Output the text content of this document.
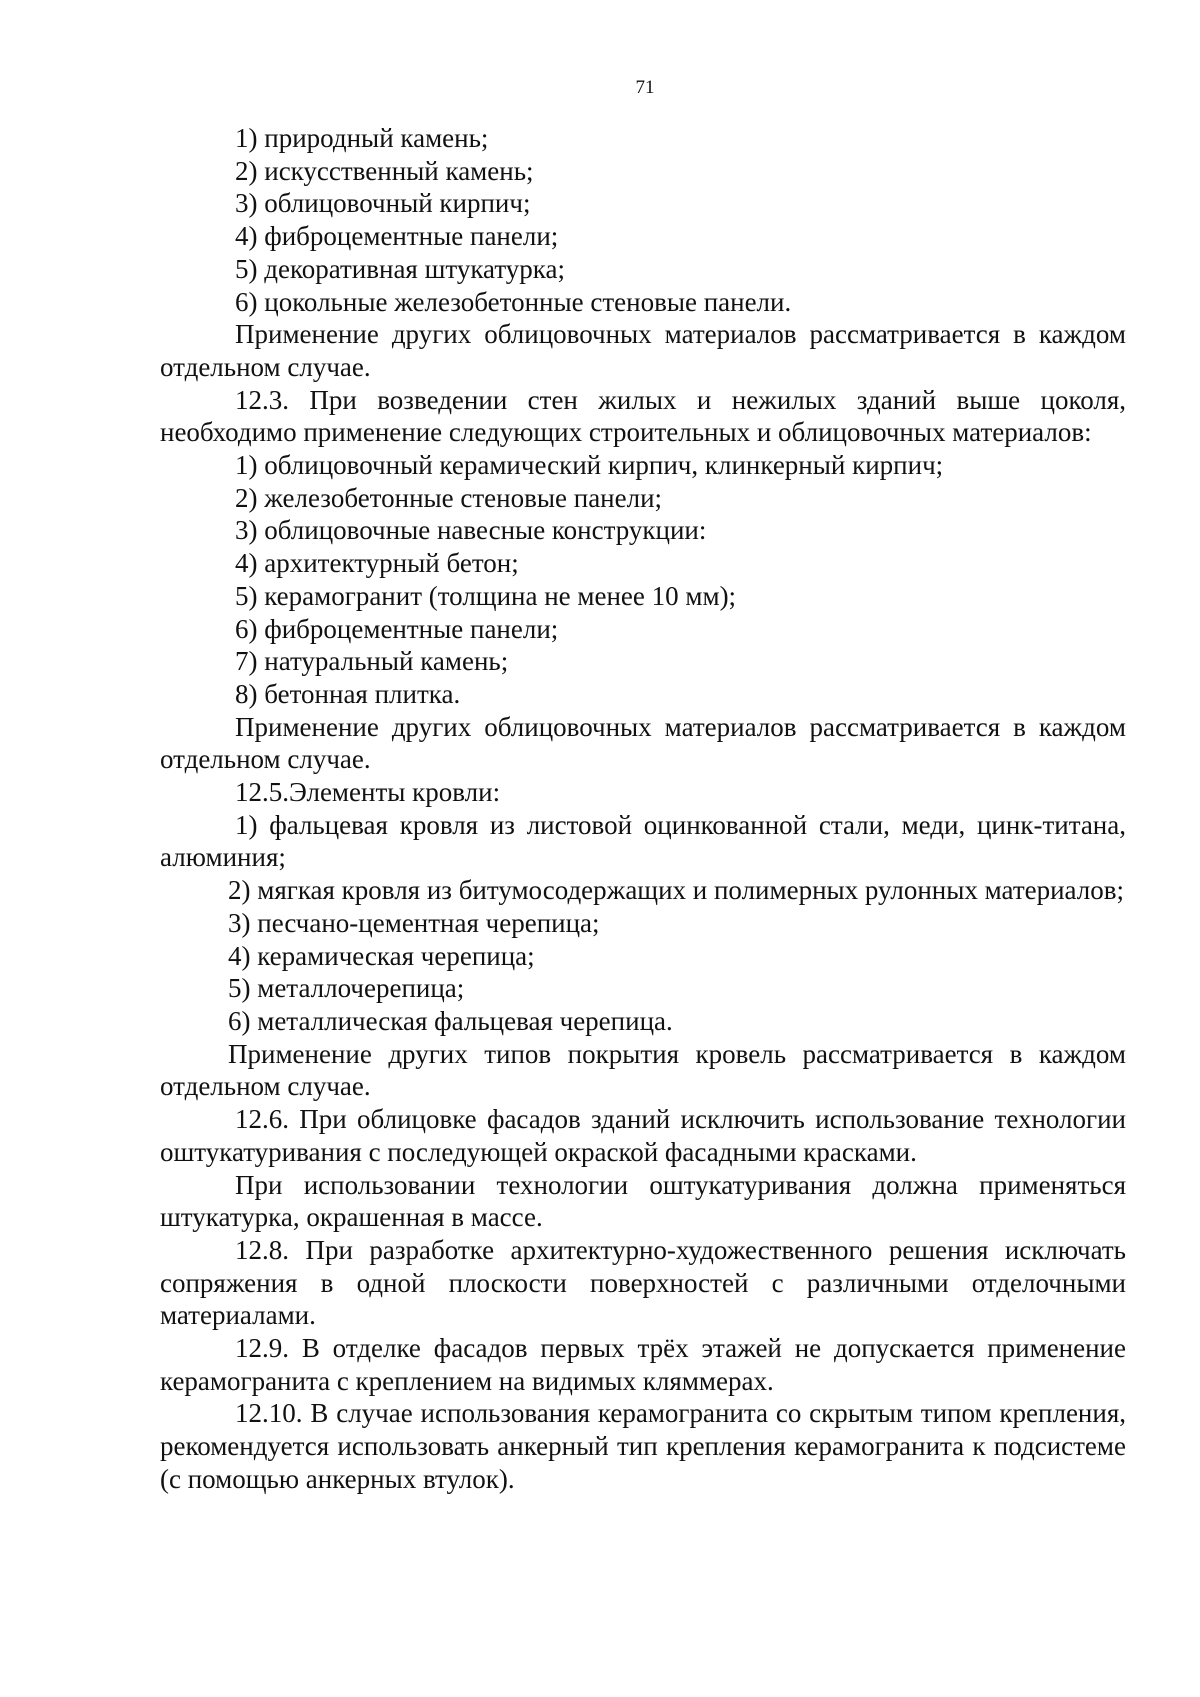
71

1) природный камень;

2) искусственный камень;

3) облицовочный кирпич;

4) фиброцементные панели;

5) декоративная штукатурка;

6) цокольные железобетонные стеновые панели.

Применение других облицовочных материалов рассматривается в каждом отдельном случае.

12.3. При возведении стен жилых и нежилых зданий выше цоколя, необходимо применение следующих строительных и облицовочных материалов:

1) облицовочный керамический кирпич, клинкерный кирпич;

2) железобетонные стеновые панели;

3) облицовочные навесные конструкции:

4) архитектурный бетон;

5) керамогранит (толщина не менее 10 мм);

6) фиброцементные панели;

7) натуральный камень;

8) бетонная плитка.

Применение других облицовочных материалов рассматривается в каждом отдельном случае.

12.5.Элементы кровли:

1) фальцевая кровля из листовой оцинкованной стали, меди, цинк-титана, алюминия;

2) мягкая кровля из битумосодержащих и полимерных рулонных материалов;

3) песчано-цементная черепица;

4) керамическая черепица;

5) металлочерепица;

6) металлическая фальцевая черепица.

Применение других типов покрытия кровель рассматривается в каждом отдельном случае.

12.6. При облицовке фасадов зданий исключить использование технологии оштукатуривания с последующей окраской фасадными красками.

При использовании технологии оштукатуривания должна применяться штукатурка, окрашенная в массе.

12.8. При разработке архитектурно-художественного решения исключать сопряжения в одной плоскости поверхностей с различными отделочными материалами.

12.9. В отделке фасадов первых трёх этажей не допускается применение керамогранита с креплением на видимых кляммерах.

12.10. В случае использования керамогранита со скрытым типом крепления, рекомендуется использовать анкерный тип крепления керамогранита к подсистеме (с помощью анкерных втулок).
